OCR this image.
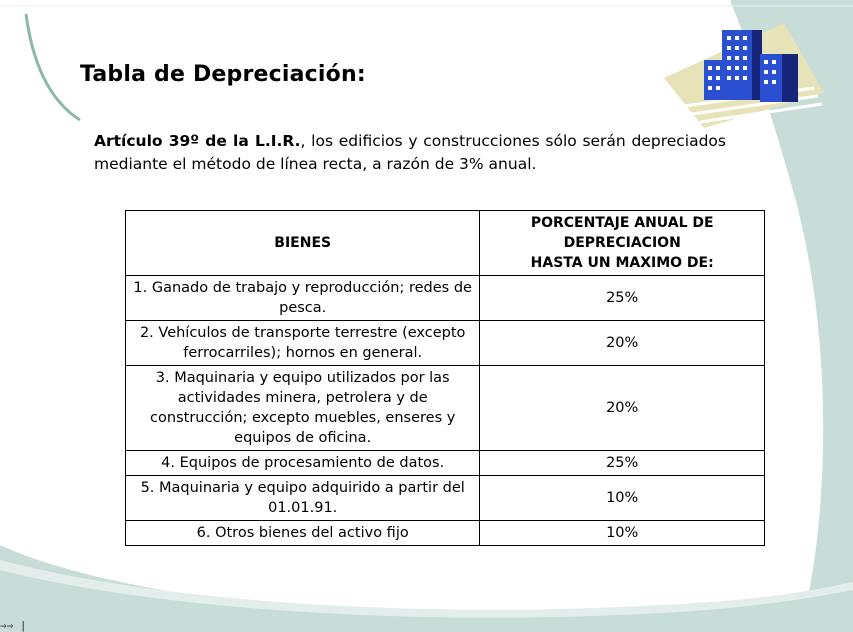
Tabla de Depreciación:
Artículo 39º de la L.I.R., los edificios y construcciones sólo serán depreciados mediante el método de línea recta, a razón de 3% anual.
BIENES	PORCENTAJE ANUAL DE
DEPRECIACION
HASTA UN MAXIMO DE:
1. Ganado de trabajo y reproducción; redes de pesca.	25%
2. Vehículos de transporte terrestre (excepto ferrocarriles); hornos en general.	20%
3. Maquinaria y equipo utilizados por las actividades minera, petrolera y de construcción; excepto muebles, enseres y equipos de oficina.	20%
4. Equipos de procesamiento de datos.	25%
5. Maquinaria y equipo adquirido a partir del 01.01.91.	10%
6. Otros bienes del activo fijo	10%
⇒⇒ |
